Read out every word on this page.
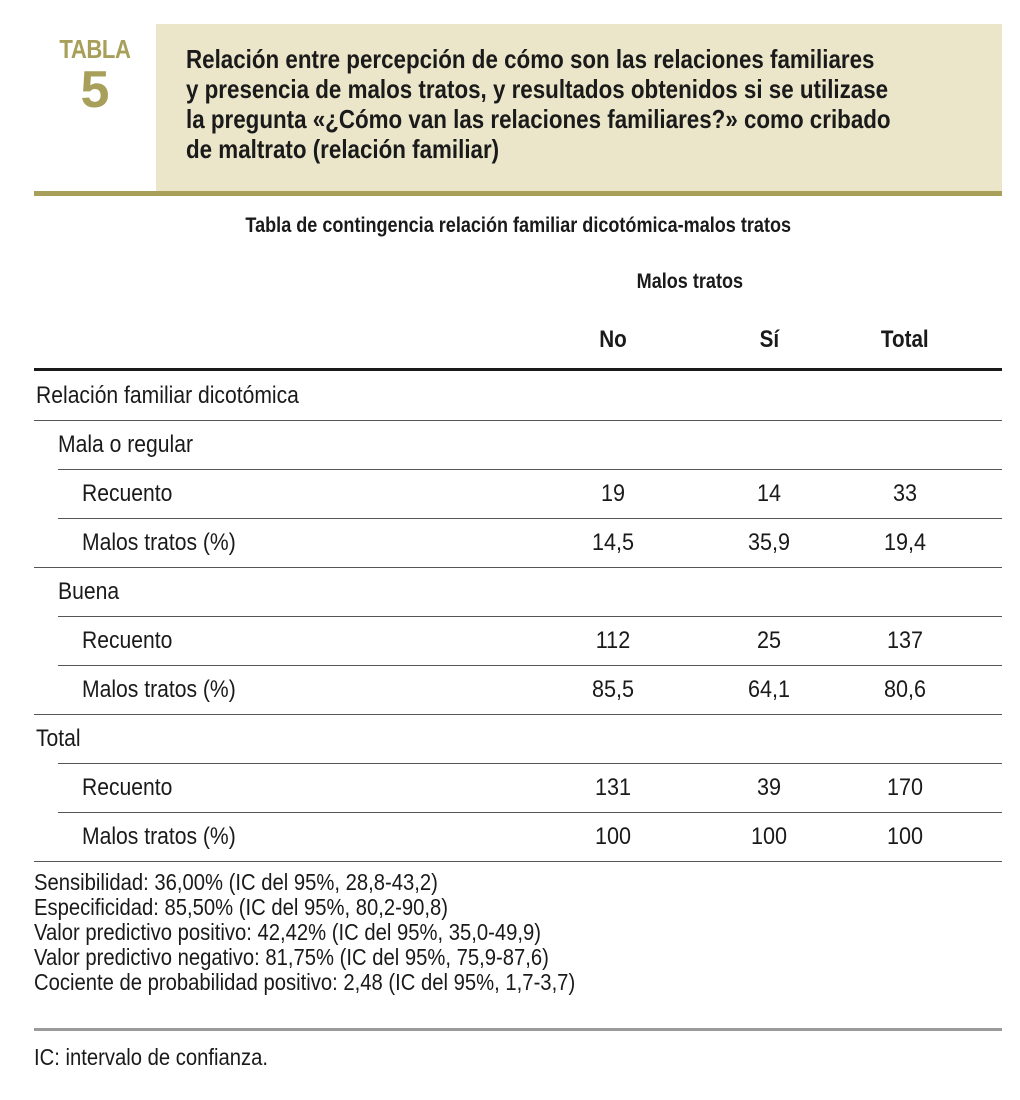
TABLA
5
Relación entre percepción de cómo son las relaciones familiares
y presencia de malos tratos, y resultados obtenidos si se utilizase
la pregunta «¿Cómo van las relaciones familiares?» como cribado
de maltrato (relación familiar)
Tabla de contingencia relación familiar dicotómica-malos tratos
Malos tratos
No	Sí	Total
Relación familiar dicotómica
Mala o regular
Recuento	19	14	33
Malos tratos (%)	14,5	35,9	19,4
Buena
Recuento	112	25	137
Malos tratos (%)	85,5	64,1	80,6
Total
Recuento	131	39	170
Malos tratos (%)	100	100	100
Sensibilidad: 36,00% (IC del 95%, 28,8-43,2)
Especificidad: 85,50% (IC del 95%, 80,2-90,8)
Valor predictivo positivo: 42,42% (IC del 95%, 35,0-49,9)
Valor predictivo negativo: 81,75% (IC del 95%, 75,9-87,6)
Cociente de probabilidad positivo: 2,48 (IC del 95%, 1,7-3,7)
IC: intervalo de confianza.
